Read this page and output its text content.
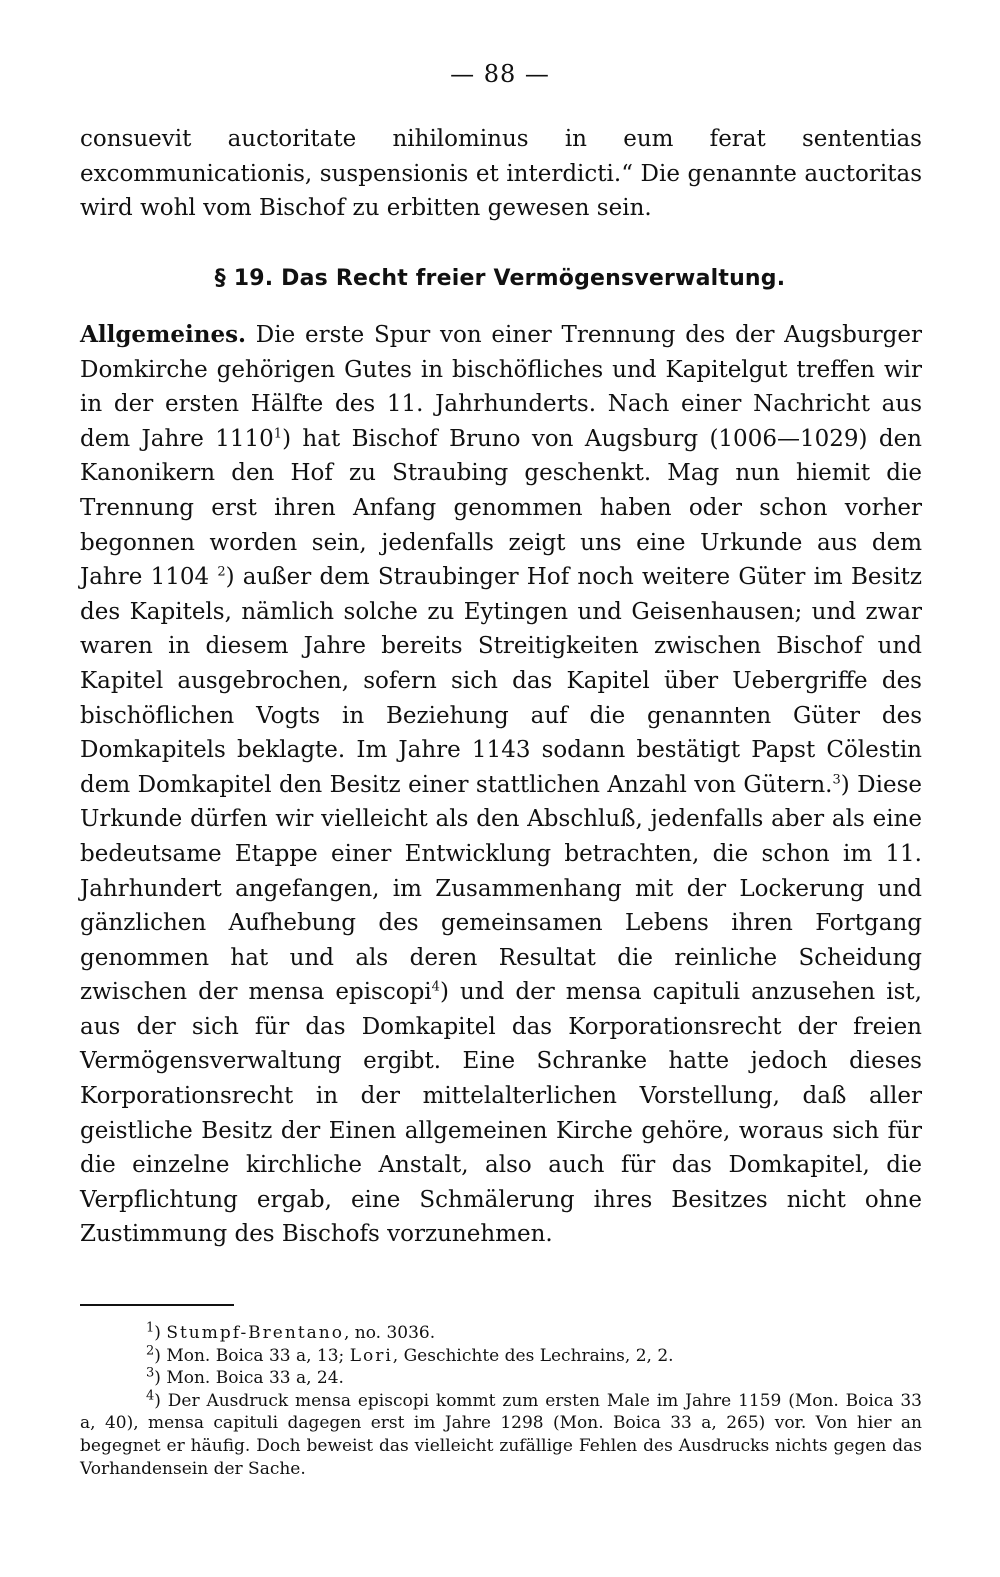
— 88 —

consuevit auctoritate nihilominus in eum ferat sententias excommunicationis, suspensionis et interdicti.“ Die genannte auctoritas wird wohl vom Bischof zu erbitten gewesen sein.

§ 19. Das Recht freier Vermögensverwaltung.

Allgemeines. Die erste Spur von einer Trennung des der Augsburger Domkirche gehörigen Gutes in bischöfliches und Kapitelgut treffen wir in der ersten Hälfte des 11. Jahrhunderts. Nach einer Nachricht aus dem Jahre 1110$^1$) hat Bischof Bruno von Augsburg (1006—1029) den Kanonikern den Hof zu Straubing geschenkt. Mag nun hiemit die Trennung erst ihren Anfang genommen haben oder schon vorher begonnen worden sein, jedenfalls zeigt uns eine Urkunde aus dem Jahre 1104 $^2$) außer dem Straubinger Hof noch weitere Güter im Besitz des Kapitels, nämlich solche zu Eytingen und Geisenhausen; und zwar waren in diesem Jahre bereits Streitigkeiten zwischen Bischof und Kapitel ausgebrochen, sofern sich das Kapitel über Uebergriffe des bischöflichen Vogts in Beziehung auf die genannten Güter des Domkapitels beklagte. Im Jahre 1143 sodann bestätigt Papst Cölestin dem Domkapitel den Besitz einer stattlichen Anzahl von Gütern.$^3$) Diese Urkunde dürfen wir vielleicht als den Abschluß, jedenfalls aber als eine bedeutsame Etappe einer Entwicklung betrachten, die schon im 11. Jahrhundert angefangen, im Zusammenhang mit der Lockerung und gänzlichen Aufhebung des gemeinsamen Lebens ihren Fortgang genommen hat und als deren Resultat die reinliche Scheidung zwischen der mensa episcopi$^4$) und der mensa capituli anzusehen ist, aus der sich für das Domkapitel das Korporationsrecht der freien Vermögensverwaltung ergibt. Eine Schranke hatte jedoch dieses Korporationsrecht in der mittelalterlichen Vorstellung, daß aller geistliche Besitz der Einen allgemeinen Kirche gehöre, woraus sich für die einzelne kirchliche Anstalt, also auch für das Domkapitel, die Verpflichtung ergab, eine Schmälerung ihres Besitzes nicht ohne Zustimmung des Bischofs vorzunehmen.

$^1$) Stumpf-Brentano, no. 3036.

$^2$) Mon. Boica 33 a, 13; Lori, Geschichte des Lechrains, 2, 2.

$^3$) Mon. Boica 33 a, 24.

$^4$) Der Ausdruck mensa episcopi kommt zum ersten Male im Jahre 1159 (Mon. Boica 33 a, 40), mensa capituli dagegen erst im Jahre 1298 (Mon. Boica 33 a, 265) vor. Von hier an begegnet er häufig. Doch beweist das vielleicht zufällige Fehlen des Ausdrucks nichts gegen das Vorhandensein der Sache.
